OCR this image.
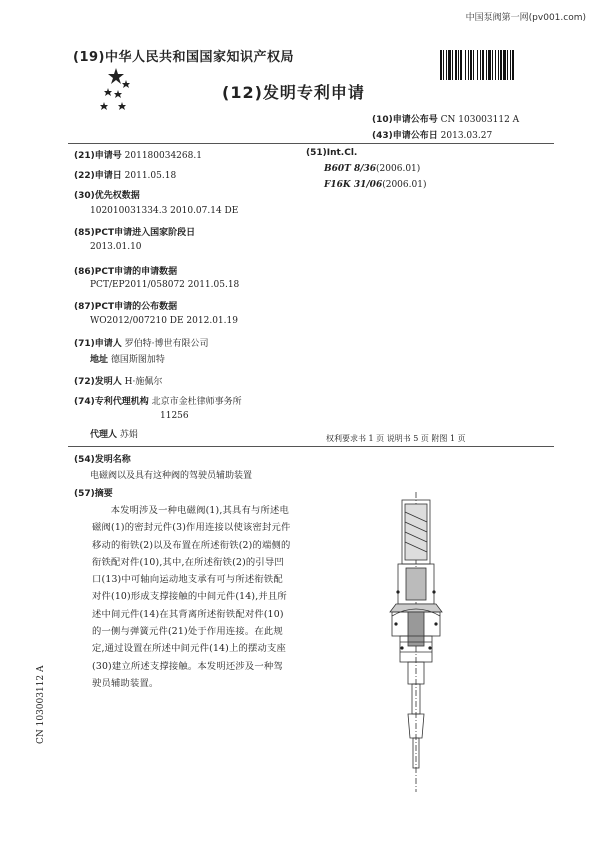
中国泵阀第一网(pv001.com)
(19)中华人民共和国国家知识产权局
(12)发明专利申请
(10)申请公布号 CN 103003112 A
(43)申请公布日 2013.03.27
(21)申请号 201180034268.1
(22)申请日 2011.05.18
(30)优先权数据
102010031334.3 2010.07.14 DE
(85)PCT申请进入国家阶段日
2013.01.10
(86)PCT申请的申请数据
PCT/EP2011/058072 2011.05.18
(87)PCT申请的公布数据
WO2012/007210 DE 2012.01.19
(71)申请人 罗伯特·博世有限公司
地址 德国斯图加特
(72)发明人 H·施佩尔
(74)专利代理机构 北京市金杜律师事务所
11256
代理人 苏娟
(51)Int.Cl.
B60T 8/36(2006.01)
F16K 31/06(2006.01)
权利要求书 1 页 说明书 5 页 附图 1 页
(54)发明名称
电磁阀以及具有这种阀的驾驶员辅助装置
(57)摘要
本发明涉及一种电磁阀(1),其具有与所述电磁阀(1)的密封元件(3)作用连接以使该密封元件移动的衔铁(2)以及布置在所述衔铁(2)的端侧的衔铁配对件(10),其中,在所述衔铁(2)的引导凹口(13)中可轴向运动地支承有可与所述衔铁配对件(10)形成支撑接触的中间元件(14),并且所述中间元件(14)在其背离所述衔铁配对件(10)的一侧与弹簧元件(21)处于作用连接。在此规定,通过设置在所述中间元件(14)上的摆动支座(30)建立所述支撑接触。本发明还涉及一种驾驶员辅助装置。
CN 103003112 A
